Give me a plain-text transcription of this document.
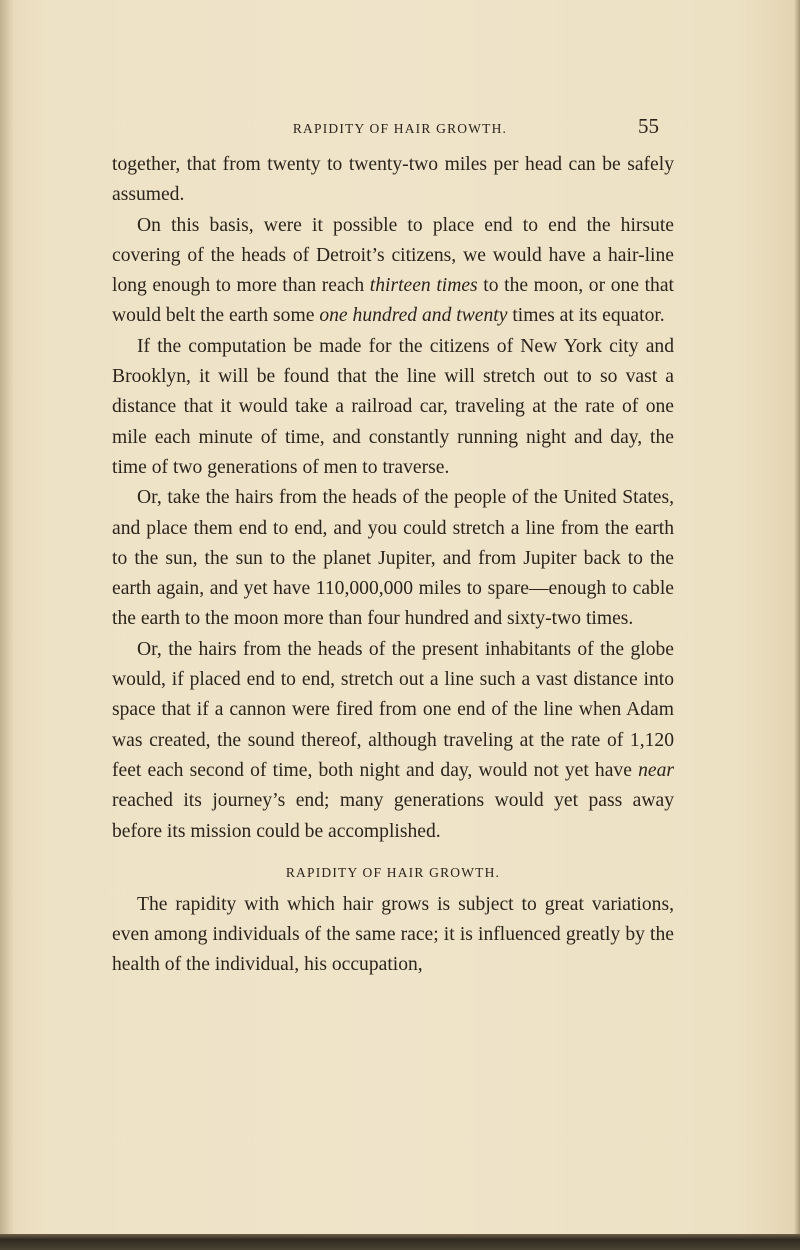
RAPIDITY OF HAIR GROWTH.	55

together, that from twenty to twenty-two miles per head can be safely assumed.

On this basis, were it possible to place end to end the hirsute covering of the heads of Detroit’s citizens, we would have a hair-line long enough to more than reach thirteen times to the moon, or one that would belt the earth some one hundred and twenty times at its equator.

If the computation be made for the citizens of New York city and Brooklyn, it will be found that the line will stretch out to so vast a distance that it would take a railroad car, traveling at the rate of one mile each minute of time, and constantly running night and day, the time of two generations of men to traverse.

Or, take the hairs from the heads of the people of the United States, and place them end to end, and you could stretch a line from the earth to the sun, the sun to the planet Jupiter, and from Jupiter back to the earth again, and yet have 110,000,000 miles to spare—enough to cable the earth to the moon more than four hundred and sixty-two times.

Or, the hairs from the heads of the present inhabitants of the globe would, if placed end to end, stretch out a line such a vast distance into space that if a cannon were fired from one end of the line when Adam was created, the sound thereof, although traveling at the rate of 1,120 feet each second of time, both night and day, would not yet have near reached its journey’s end; many generations would yet pass away before its mission could be accomplished.

RAPIDITY OF HAIR GROWTH.

The rapidity with which hair grows is subject to great variations, even among individuals of the same race; it is influenced greatly by the health of the individual, his occupation,
